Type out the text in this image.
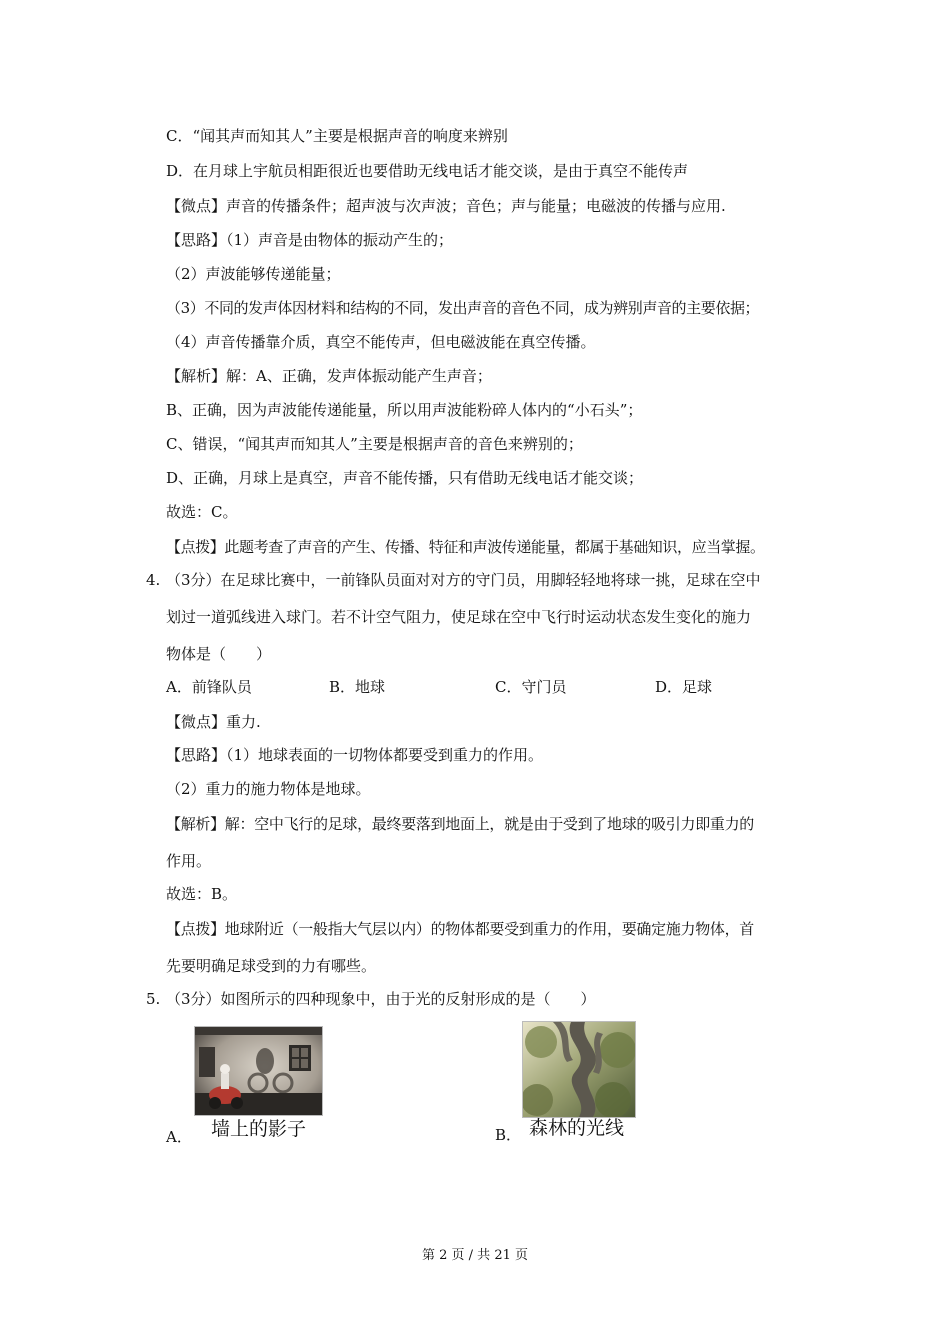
C．“闻其声而知其人”主要是根据声音的响度来辨别
D．在月球上宇航员相距很近也要借助无线电话才能交谈，是由于真空不能传声
【微点】声音的传播条件；超声波与次声波；音色；声与能量；电磁波的传播与应用.
【思路】（1）声音是由物体的振动产生的；
（2）声波能够传递能量；
（3）不同的发声体因材料和结构的不同，发出声音的音色不同，成为辨别声音的主要依据；
（4）声音传播靠介质，真空不能传声，但电磁波能在真空传播。
【解析】解：A、正确，发声体振动能产生声音；
B、正确，因为声波能传递能量，所以用声波能粉碎人体内的“小石头”；
C、错误，“闻其声而知其人”主要是根据声音的音色来辨别的；
D、正确，月球上是真空，声音不能传播，只有借助无线电话才能交谈；
故选：C。
【点拨】此题考查了声音的产生、传播、特征和声波传递能量，都属于基础知识，应当掌握。
4. （3分）在足球比赛中，一前锋队员面对对方的守门员，用脚轻轻地将球一挑，足球在空中
划过一道弧线进入球门。若不计空气阻力，使足球在空中飞行时运动状态发生变化的施力
物体是（　　）
A．前锋队员	B．地球	C．守门员	D．足球
【微点】重力.
【思路】（1）地球表面的一切物体都要受到重力的作用。
（2）重力的施力物体是地球。
【解析】解：空中飞行的足球，最终要落到地面上，就是由于受到了地球的吸引力即重力的
作用。
故选：B。
【点拨】地球附近（一般指大气层以内）的物体都要受到重力的作用，要确定施力物体，首
先要明确足球受到的力有哪些。
5. （3分）如图所示的四种现象中，由于光的反射形成的是（　　）
A． 墙上的影子	B． 森林的光线
第 2 页 / 共 21 页
